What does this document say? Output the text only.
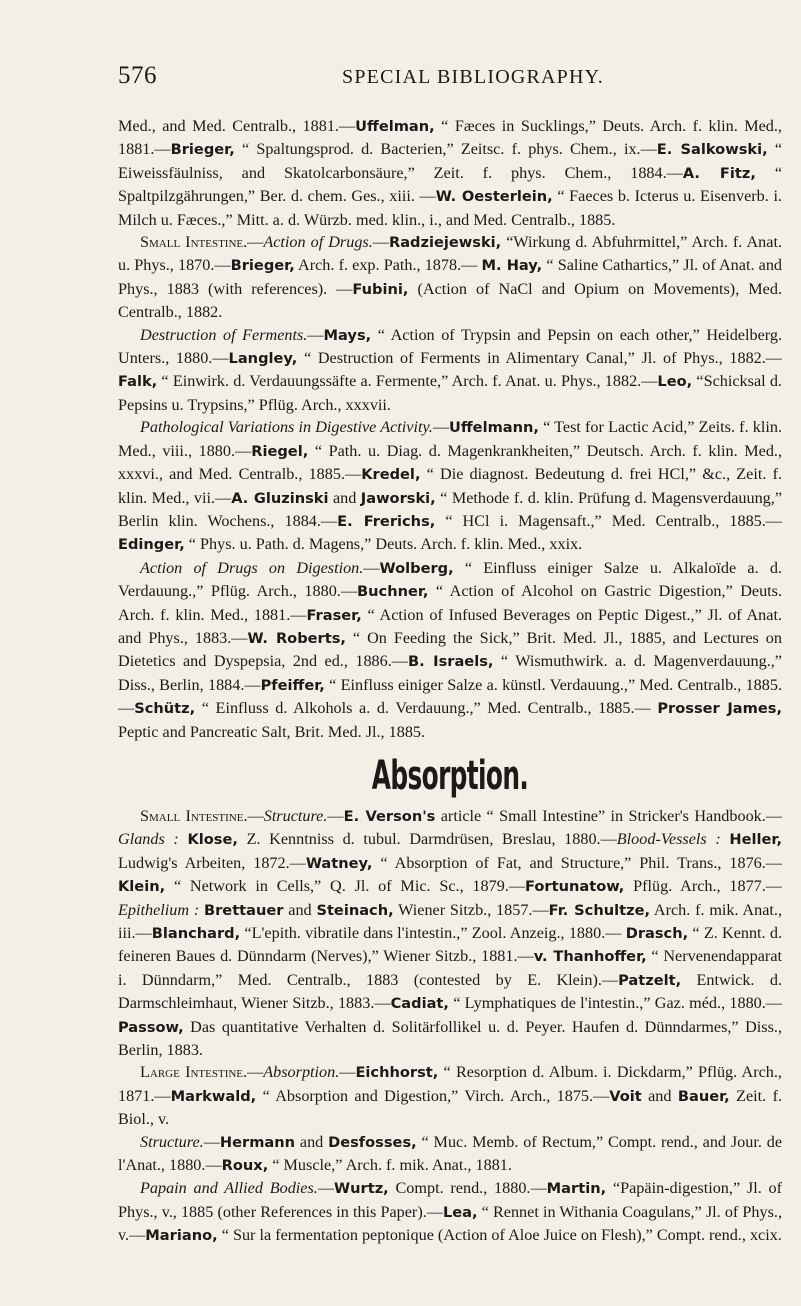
576	SPECIAL BIBLIOGRAPHY.

Med., and Med. Centralb., 1881.—Uffelman, “ Fæces in Sucklings,” Deuts. Arch. f. klin. Med., 1881.—Brieger, “ Spaltungsprod. d. Bacterien,” Zeitsc. f. phys. Chem., ix.—E. Salkowski, “ Eiweissfäulniss, and Skatolcarbonsäure,” Zeit. f. phys. Chem., 1884.—A. Fitz, “ Spaltpilzgährungen,” Ber. d. chem. Ges., xiii. —W. Oesterlein, “ Faeces b. Icterus u. Eisenverb. i. Milch u. Fæces.,” Mitt. a. d. Würzb. med. klin., i., and Med. Centralb., 1885.

Small Intestine.—Action of Drugs.—Radziejewski, “Wirkung d. Abfuhrmittel,” Arch. f. Anat. u. Phys., 1870.—Brieger, Arch. f. exp. Path., 1878.— M. Hay, “ Saline Cathartics,” Jl. of Anat. and Phys., 1883 (with references). —Fubini, (Action of NaCl and Opium on Movements), Med. Centralb., 1882.

Destruction of Ferments.—Mays, “ Action of Trypsin and Pepsin on each other,” Heidelberg. Unters., 1880.—Langley, “ Destruction of Ferments in Alimentary Canal,” Jl. of Phys., 1882.—Falk, “ Einwirk. d. Verdauungssäfte a. Fermente,” Arch. f. Anat. u. Phys., 1882.—Leo, “Schicksal d. Pepsins u. Trypsins,” Pflüg. Arch., xxxvii.

Pathological Variations in Digestive Activity.—Uffelmann, “ Test for Lactic Acid,” Zeits. f. klin. Med., viii., 1880.—Riegel, “ Path. u. Diag. d. Magenkrankheiten,” Deutsch. Arch. f. klin. Med., xxxvi., and Med. Centralb., 1885.—Kredel, “ Die diagnost. Bedeutung d. frei HCl,” &c., Zeit. f. klin. Med., vii.—A. Gluzinski and Jaworski, “ Methode f. d. klin. Prüfung d. Magensverdauung,” Berlin klin. Wochens., 1884.—E. Frerichs, “ HCl i. Magensaft.,” Med. Centralb., 1885.— Edinger, “ Phys. u. Path. d. Magens,” Deuts. Arch. f. klin. Med., xxix.

Action of Drugs on Digestion.—Wolberg, “ Einfluss einiger Salze u. Alkaloïde a. d. Verdauung.,” Pflüg. Arch., 1880.—Buchner, “ Action of Alcohol on Gastric Digestion,” Deuts. Arch. f. klin. Med., 1881.—Fraser, “ Action of Infused Beverages on Peptic Digest.,” Jl. of Anat. and Phys., 1883.—W. Roberts, “ On Feeding the Sick,” Brit. Med. Jl., 1885, and Lectures on Dietetics and Dyspepsia, 2nd ed., 1886.—B. Israels, “ Wismuthwirk. a. d. Magenverdauung.,” Diss., Berlin, 1884.—Pfeiffer, “ Einfluss einiger Salze a. künstl. Verdauung.,” Med. Centralb., 1885.—Schütz, “ Einfluss d. Alkohols a. d. Verdauung.,” Med. Centralb., 1885.— Prosser James, Peptic and Pancreatic Salt, Brit. Med. Jl., 1885.

Absorption.

Small Intestine.—Structure.—E. Verson's article “ Small Intestine” in Stricker's Handbook.—Glands : Klose, Z. Kenntniss d. tubul. Darmdrüsen, Breslau, 1880.—Blood-Vessels : Heller, Ludwig's Arbeiten, 1872.—Watney, “ Absorption of Fat, and Structure,” Phil. Trans., 1876.—Klein, “ Network in Cells,” Q. Jl. of Mic. Sc., 1879.—Fortunatow, Pflüg. Arch., 1877.—Epithelium : Brettauer and Steinach, Wiener Sitzb., 1857.—Fr. Schultze, Arch. f. mik. Anat., iii.—Blanchard, “L'epith. vibratile dans l'intestin.,” Zool. Anzeig., 1880.— Drasch, “ Z. Kennt. d. feineren Baues d. Dünndarm (Nerves),” Wiener Sitzb., 1881.—v. Thanhoffer, “ Nervenendapparat i. Dünndarm,” Med. Centralb., 1883 (contested by E. Klein).—Patzelt, Entwick. d. Darmschleimhaut, Wiener Sitzb., 1883.—Cadiat, “ Lymphatiques de l'intestin.,” Gaz. méd., 1880.—Passow, Das quantitative Verhalten d. Solitärfollikel u. d. Peyer. Haufen d. Dünndarmes,” Diss., Berlin, 1883.

Large Intestine.—Absorption.—Eichhorst, “ Resorption d. Album. i. Dickdarm,” Pflüg. Arch., 1871.—Markwald, “ Absorption and Digestion,” Virch. Arch., 1875.—Voit and Bauer, Zeit. f. Biol., v.

Structure.—Hermann and Desfosses, “ Muc. Memb. of Rectum,” Compt. rend., and Jour. de l'Anat., 1880.—Roux, “ Muscle,” Arch. f. mik. Anat., 1881.

Papain and Allied Bodies.—Wurtz, Compt. rend., 1880.—Martin, “Papäin-digestion,” Jl. of Phys., v., 1885 (other References in this Paper).—Lea, “ Rennet in Withania Coagulans,” Jl. of Phys., v.—Mariano, “ Sur la fermentation peptonique (Action of Aloe Juice on Flesh),” Compt. rend., xcix.
